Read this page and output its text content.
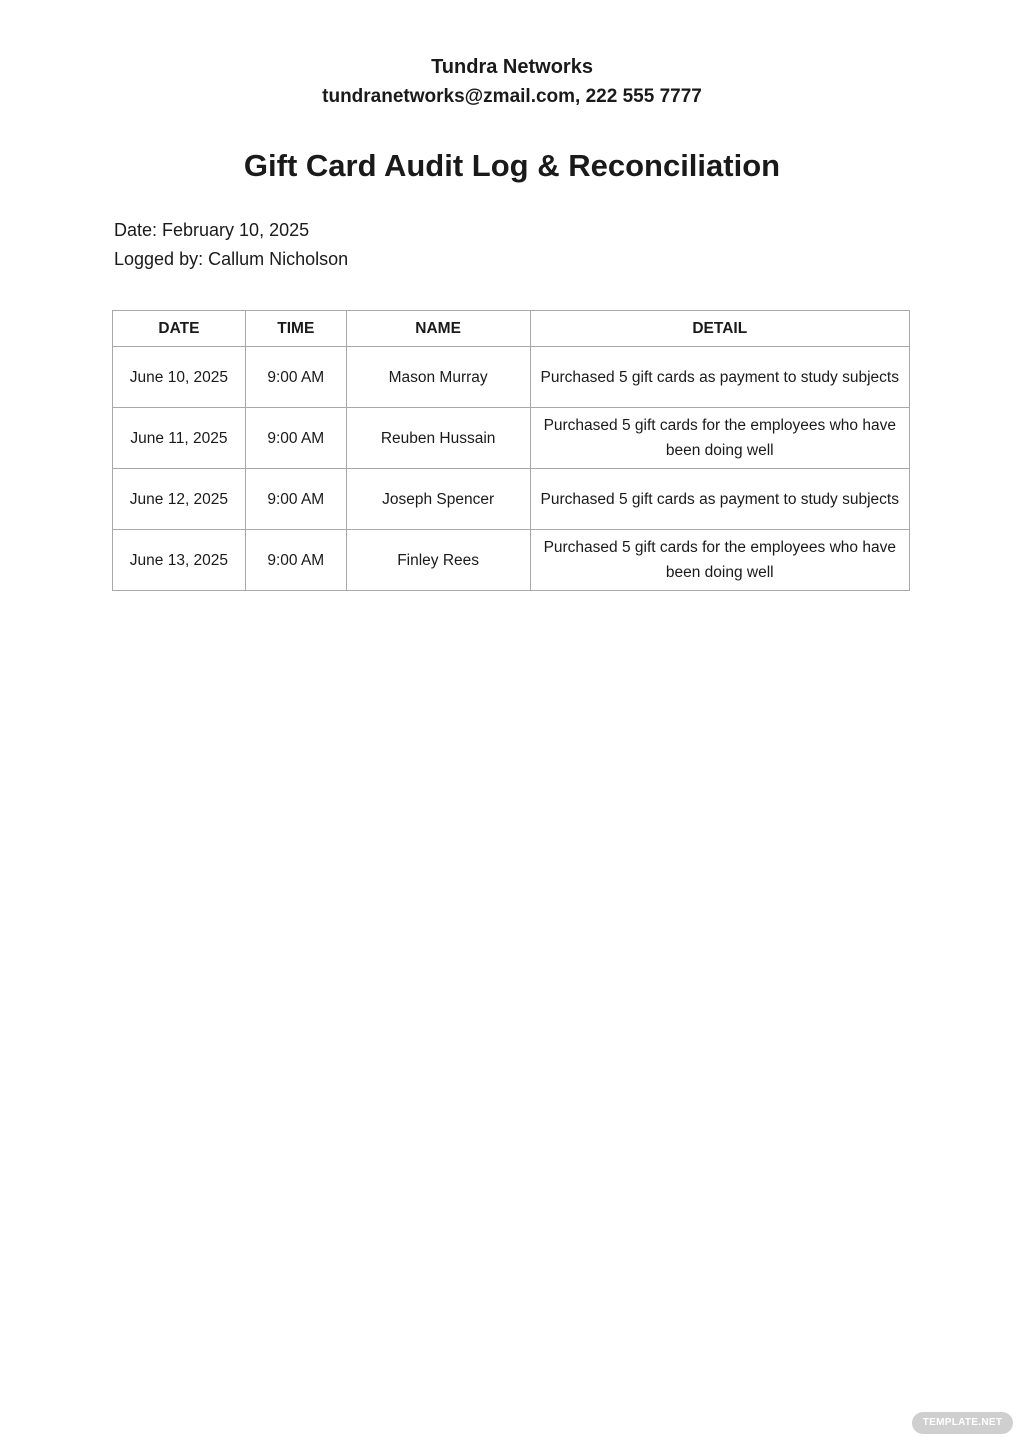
Tundra Networks
tundranetworks@zmail.com, 222 555 7777
Gift Card Audit Log & Reconciliation
Date: February 10, 2025
Logged by: Callum Nicholson
DATE	TIME	NAME	DETAIL
June 10, 2025	9:00 AM	Mason Murray	Purchased 5 gift cards as payment to study subjects
June 11, 2025	9:00 AM	Reuben Hussain	Purchased 5 gift cards for the employees who have been doing well
June 12, 2025	9:00 AM	Joseph Spencer	Purchased 5 gift cards as payment to study subjects
June 13, 2025	9:00 AM	Finley Rees	Purchased 5 gift cards for the employees who have been doing well
TEMPLATE.NET
